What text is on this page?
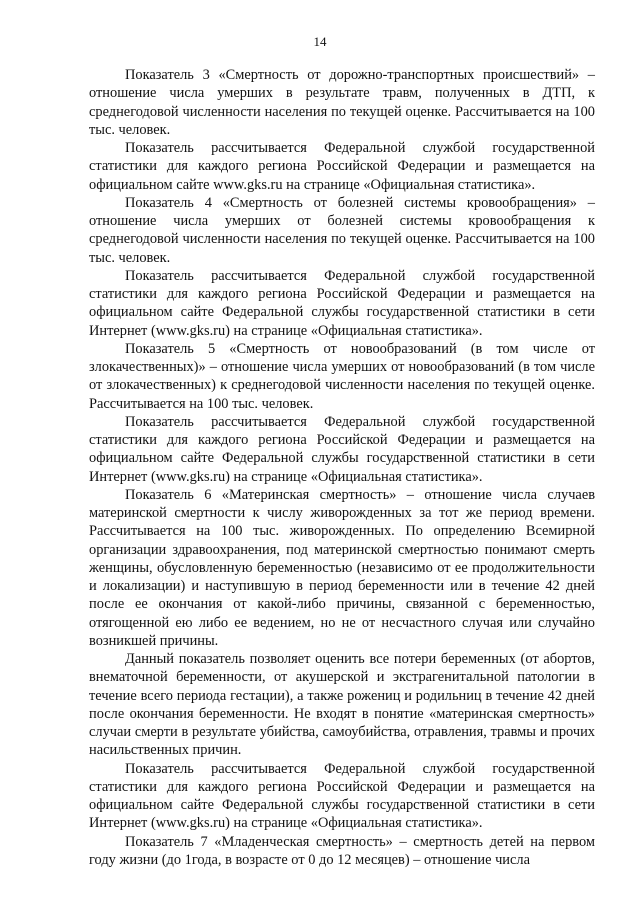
14

Показатель 3 «Смертность от дорожно-транспортных происшествий» – отношение числа умерших в результате травм, полученных в ДТП, к среднегодовой численности населения по текущей оценке. Рассчитывается на 100 тыс. человек.

Показатель рассчитывается Федеральной службой государственной статистики для каждого региона Российской Федерации и размещается на официальном сайте www.gks.ru на странице «Официальная статистика».

Показатель 4 «Смертность от болезней системы кровообращения» – отношение числа умерших от болезней системы кровообращения к среднегодовой численности населения по текущей оценке. Рассчитывается на 100 тыс. человек.

Показатель рассчитывается Федеральной службой государственной статистики для каждого региона Российской Федерации и размещается на официальном сайте Федеральной службы государственной статистики в сети Интернет (www.gks.ru) на странице «Официальная статистика».

Показатель 5 «Смертность от новообразований (в том числе от злокачественных)» – отношение числа умерших от новообразований (в том числе от злокачественных) к среднегодовой численности населения по текущей оценке. Рассчитывается на 100 тыс. человек.

Показатель рассчитывается Федеральной службой государственной статистики для каждого региона Российской Федерации и размещается на официальном сайте Федеральной службы государственной статистики в сети Интернет (www.gks.ru) на странице «Официальная статистика».

Показатель 6 «Материнская смертность» – отношение числа случаев материнской смертности к числу живорожденных за тот же период времени. Рассчитывается на 100 тыс. живорожденных. По определению Всемирной организации здравоохранения, под материнской смертностью понимают смерть женщины, обусловленную беременностью (независимо от ее продолжительности и локализации) и наступившую в период беременности или в течение 42 дней после ее окончания от какой-либо причины, связанной с беременностью, отягощенной ею либо ее ведением, но не от несчастного случая или случайно возникшей причины.

Данный показатель позволяет оценить все потери беременных (от абортов, внематочной беременности, от акушерской и экстрагенитальной патологии в течение всего периода гестации), а также рожениц и родильниц в течение 42 дней после окончания беременности. Не входят в понятие «материнская смертность» случаи смерти в результате убийства, самоубийства, отравления, травмы и прочих насильственных причин.

Показатель рассчитывается Федеральной службой государственной статистики для каждого региона Российской Федерации и размещается на официальном сайте Федеральной службы государственной статистики в сети Интернет (www.gks.ru) на странице «Официальная статистика».

Показатель 7 «Младенческая смертность» – смертность детей на первом году жизни (до 1года, в возрасте от 0 до 12 месяцев) – отношение числа
